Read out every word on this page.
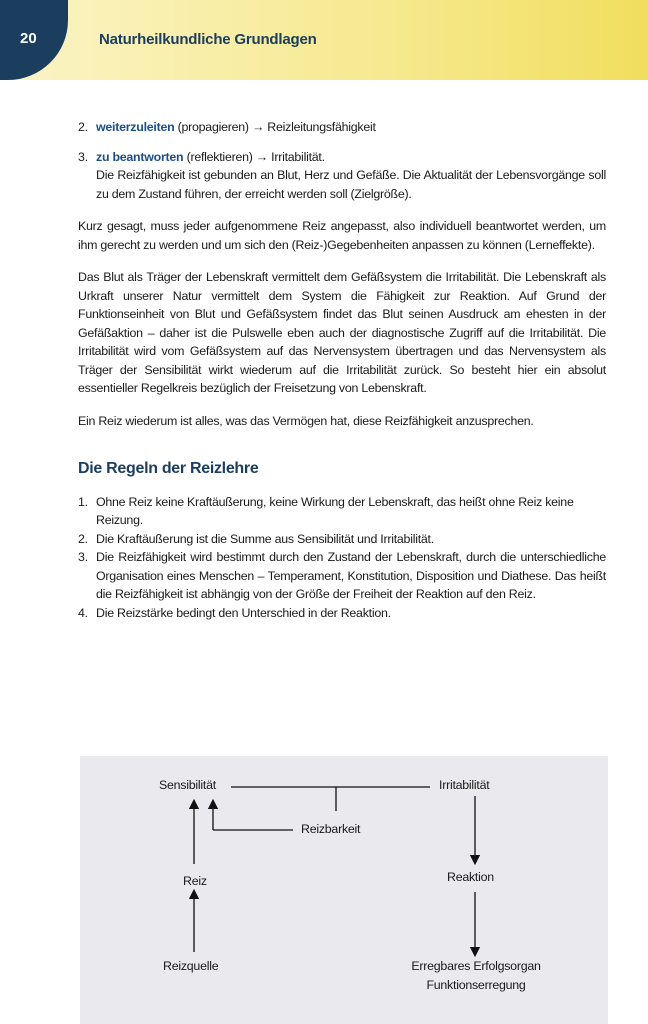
20	Naturheilkundliche Grundlagen
2. weiterzuleiten (propagieren) → Reizleitungsfähigkeit
3. zu beantworten (reflektieren) → Irritabilität.

Die Reizfähigkeit ist gebunden an Blut, Herz und Gefäße. Die Aktualität der Lebensvorgänge soll zu dem Zustand führen, der erreicht werden soll (Zielgröße).

Kurz gesagt, muss jeder aufgenommene Reiz angepasst, also individuell beantwortet werden, um ihm gerecht zu werden und um sich den (Reiz-)Gegebenheiten anpassen zu können (Lerneffekte).

Das Blut als Träger der Lebenskraft vermittelt dem Gefäßsystem die Irritabilität. Die Lebenskraft als Urkraft unserer Natur vermittelt dem System die Fähigkeit zur Reaktion. Auf Grund der Funktionseinheit von Blut und Gefäßsystem findet das Blut seinen Ausdruck am ehesten in der Gefäßaktion – daher ist die Pulswelle eben auch der diagnostische Zugriff auf die Irritabilität. Die Irritabilität wird vom Gefäßsystem auf das Nervensystem übertragen und das Nervensystem als Träger der Sensibilität wirkt wiederum auf die Irritabilität zurück. So besteht hier ein absolut essentieller Regelkreis bezüglich der Freisetzung von Lebenskraft.

Ein Reiz wiederum ist alles, was das Vermögen hat, diese Reizfähigkeit anzusprechen.

Die Regeln der Reizlehre
1. Ohne Reiz keine Kraftäußerung, keine Wirkung der Lebenskraft, das heißt ohne Reiz keine Reizung.
2. Die Kraftäußerung ist die Summe aus Sensibilität und Irritabilität.
3. Die Reizfähigkeit wird bestimmt durch den Zustand der Lebenskraft, durch die unterschiedliche Organisation eines Menschen – Temperament, Konstitution, Disposition und Diathese. Das heißt die Reizfähigkeit ist abhängig von der Größe der Freiheit der Reaktion auf den Reiz.
4. Die Reizstärke bedingt den Unterschied in der Reaktion.
Sensibilität	Irritabilität
Reizbarkeit
Reiz	Reaktion
Reizquelle	Erregbares Erfolgsorgan
Funktionserregung
